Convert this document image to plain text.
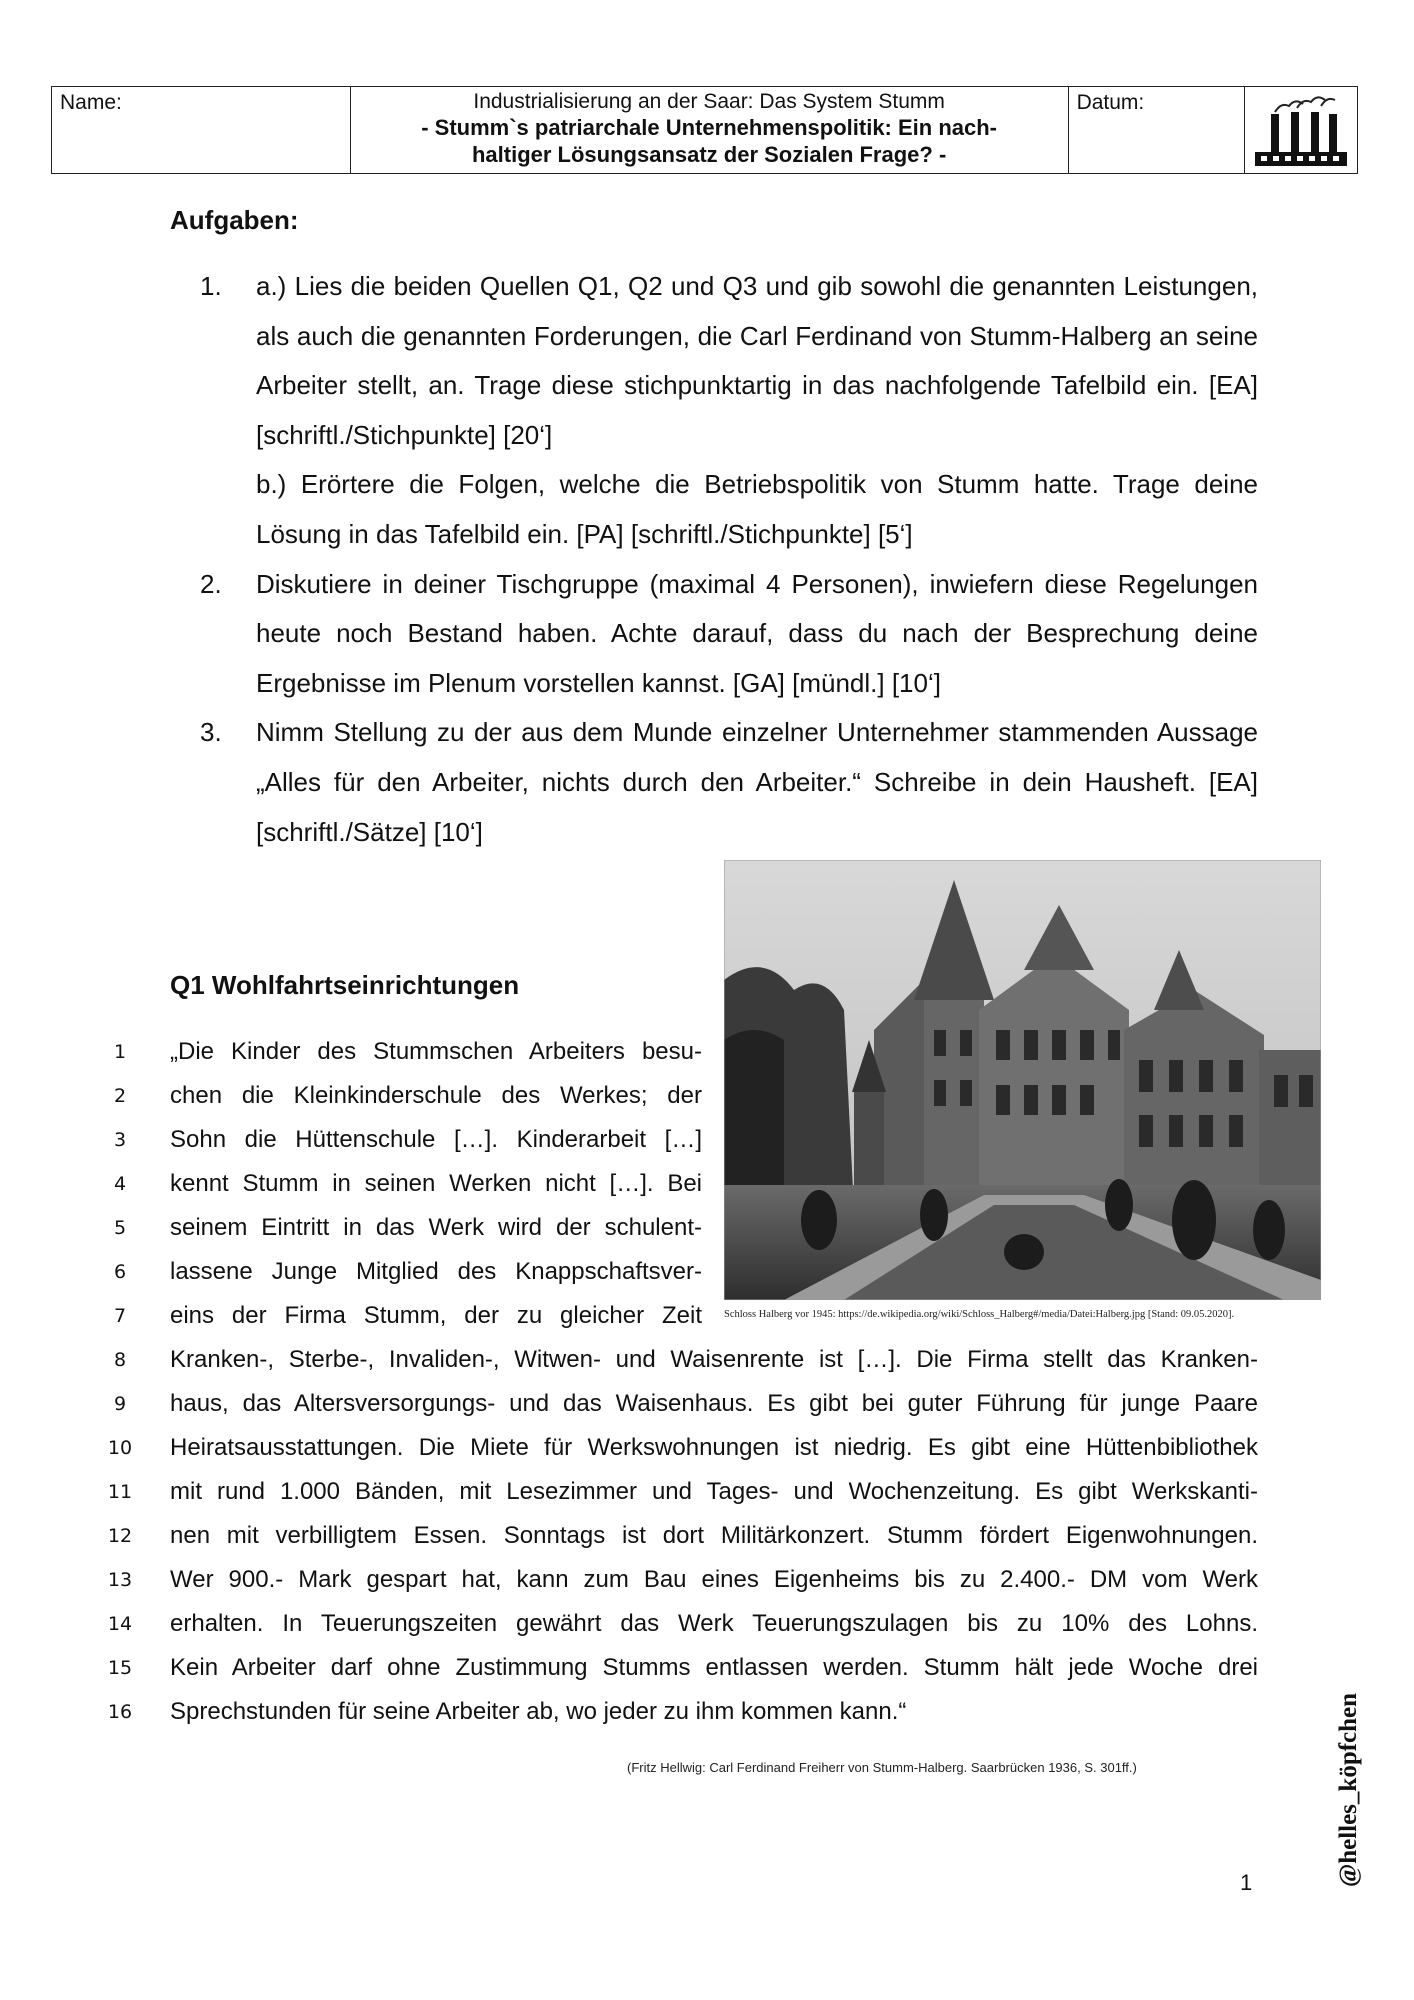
Name:	Industrialisierung an der Saar: Das System Stumm
- Stumm`s patriarchale Unternehmenspolitik: Ein nach-
haltiger Lösungsansatz der Sozialen Frage? -
Datum:
Aufgaben:
1.	a.) Lies die beiden Quellen Q1, Q2 und Q3 und gib sowohl die genannten Leistungen, als auch die genannten Forderungen, die Carl Ferdinand von Stumm-Halberg an seine Arbeiter stellt, an. Trage diese stichpunktartig in das nachfolgende Tafelbild ein. [EA] [schriftl./Stichpunkte] [20‘]

b.) Erörtere die Folgen, welche die Betriebspolitik von Stumm hatte. Trage deine Lösung in das Tafelbild ein. [PA] [schriftl./Stichpunkte] [5‘]

2.	Diskutiere in deiner Tischgruppe (maximal 4 Personen), inwiefern diese Regelungen heute noch Bestand haben. Achte darauf, dass du nach der Besprechung deine Ergebnisse im Plenum vorstellen kannst. [GA] [mündl.] [10‘]

3.	Nimm Stellung zu der aus dem Munde einzelner Unternehmer stammenden Aussage „Alles für den Arbeiter, nichts durch den Arbeiter.“ Schreibe in dein Hausheft. [EA] [schriftl./Sätze] [10‘]

Schloss Halberg vor 1945: https://de.wikipedia.org/wiki/Schloss_Halberg#/media/Datei:Halberg.jpg [Stand: 09.05.2020].
Q1 Wohlfahrtseinrichtungen
1	„Die Kinder des Stummschen Arbeiters besu-
2	chen die Kleinkinderschule des Werkes; der
3	Sohn die Hüttenschule […]. Kinderarbeit […]
4	kennt Stumm in seinen Werken nicht […]. Bei
5	seinem Eintritt in das Werk wird der schulent-
6	lassene Junge Mitglied des Knappschaftsver-
7	eins der Firma Stumm, der zu gleicher Zeit
8	Kranken-, Sterbe-, Invaliden-, Witwen- und Waisenrente ist […]. Die Firma stellt das Kranken-
9	haus, das Altersversorgungs- und das Waisenhaus. Es gibt bei guter Führung für junge Paare
10	Heiratsausstattungen. Die Miete für Werkswohnungen ist niedrig. Es gibt eine Hüttenbibliothek
11	mit rund 1.000 Bänden, mit Lesezimmer und Tages- und Wochenzeitung. Es gibt Werkskanti-
12	nen mit verbilligtem Essen. Sonntags ist dort Militärkonzert. Stumm fördert Eigenwohnungen.
13	Wer 900.- Mark gespart hat, kann zum Bau eines Eigenheims bis zu 2.400.- DM vom Werk
14	erhalten. In Teuerungszeiten gewährt das Werk Teuerungszulagen bis zu 10% des Lohns.
15	Kein Arbeiter darf ohne Zustimmung Stumms entlassen werden. Stumm hält jede Woche drei
16	Sprechstunden für seine Arbeiter ab, wo jeder zu ihm kommen kann.“
(Fritz Hellwig: Carl Ferdinand Freiherr von Stumm-Halberg. Saarbrücken 1936, S. 301ff.)
1	@helles_köpfchen
